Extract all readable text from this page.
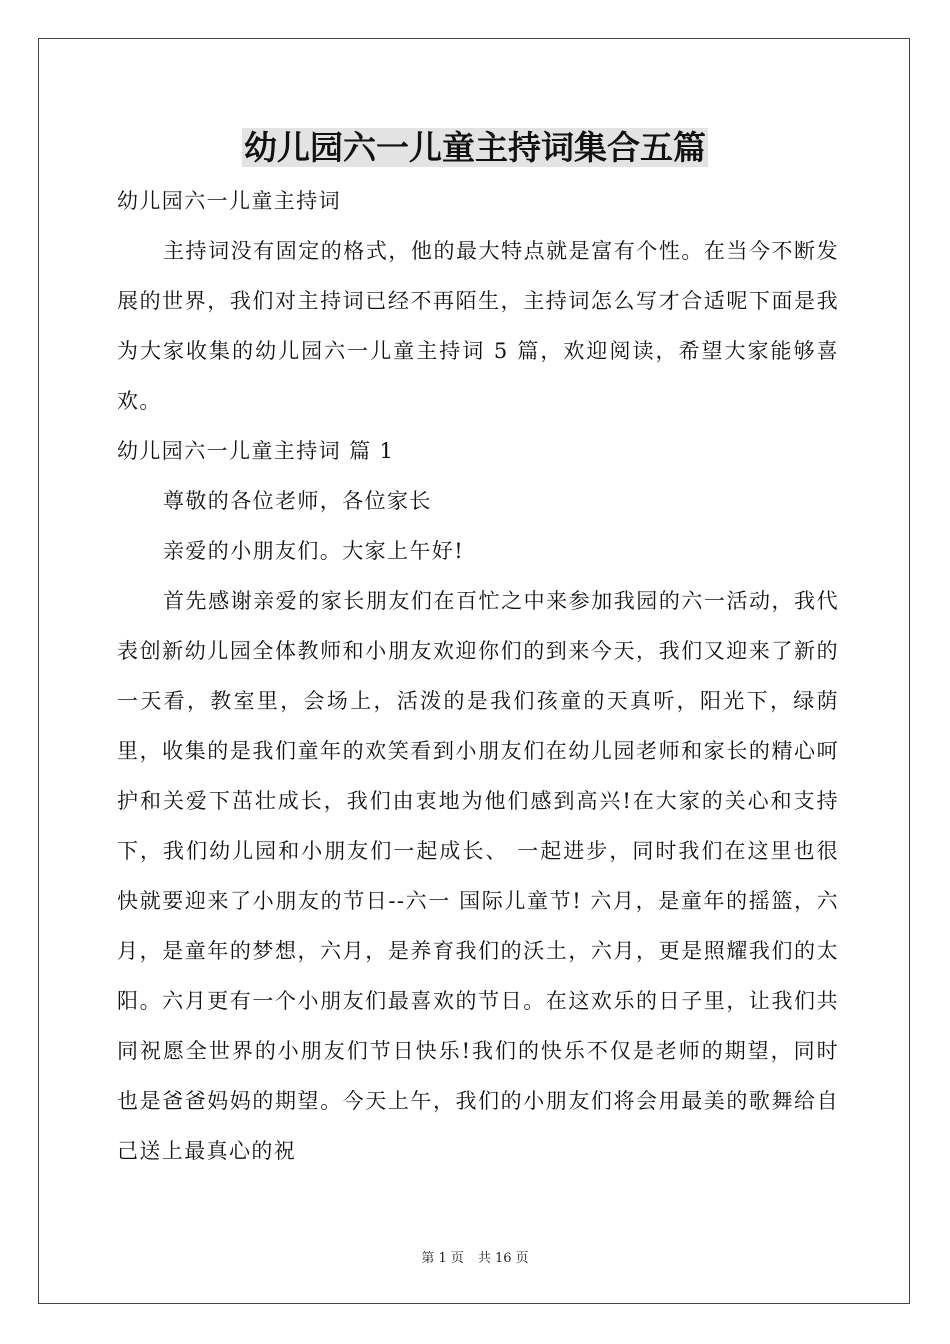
幼儿园六一儿童主持词集合五篇

幼儿园六一儿童主持词

主持词没有固定的格式，他的最大特点就是富有个性。在当今不断发展的世界，我们对主持词已经不再陌生，主持词怎么写才合适呢下面是我为大家收集的幼儿园六一儿童主持词 5 篇，欢迎阅读，希望大家能够喜欢。

幼儿园六一儿童主持词 篇 1

尊敬的各位老师，各位家长

亲爱的小朋友们。大家上午好!

首先感谢亲爱的家长朋友们在百忙之中来参加我园的六一活动，我代表创新幼儿园全体教师和小朋友欢迎你们的到来今天，我们又迎来了新的一天看，教室里，会场上，活泼的是我们孩童的天真听，阳光下，绿荫里，收集的是我们童年的欢笑看到小朋友们在幼儿园老师和家长的精心呵护和关爱下茁壮成长，我们由衷地为他们感到高兴!在大家的关心和支持下，我们幼儿园和小朋友们一起成长、 一起进步，同时我们在这里也很快就要迎来了小朋友的节日--六一 国际儿童节! 六月，是童年的摇篮，六月，是童年的梦想，六月，是养育我们的沃土，六月，更是照耀我们的太阳。六月更有一个小朋友们最喜欢的节日。在这欢乐的日子里，让我们共同祝愿全世界的小朋友们节日快乐!我们的快乐不仅是老师的期望，同时也是爸爸妈妈的期望。今天上午，我们的小朋友们将会用最美的歌舞给自己送上最真心的祝

第 1 页 共 16 页
